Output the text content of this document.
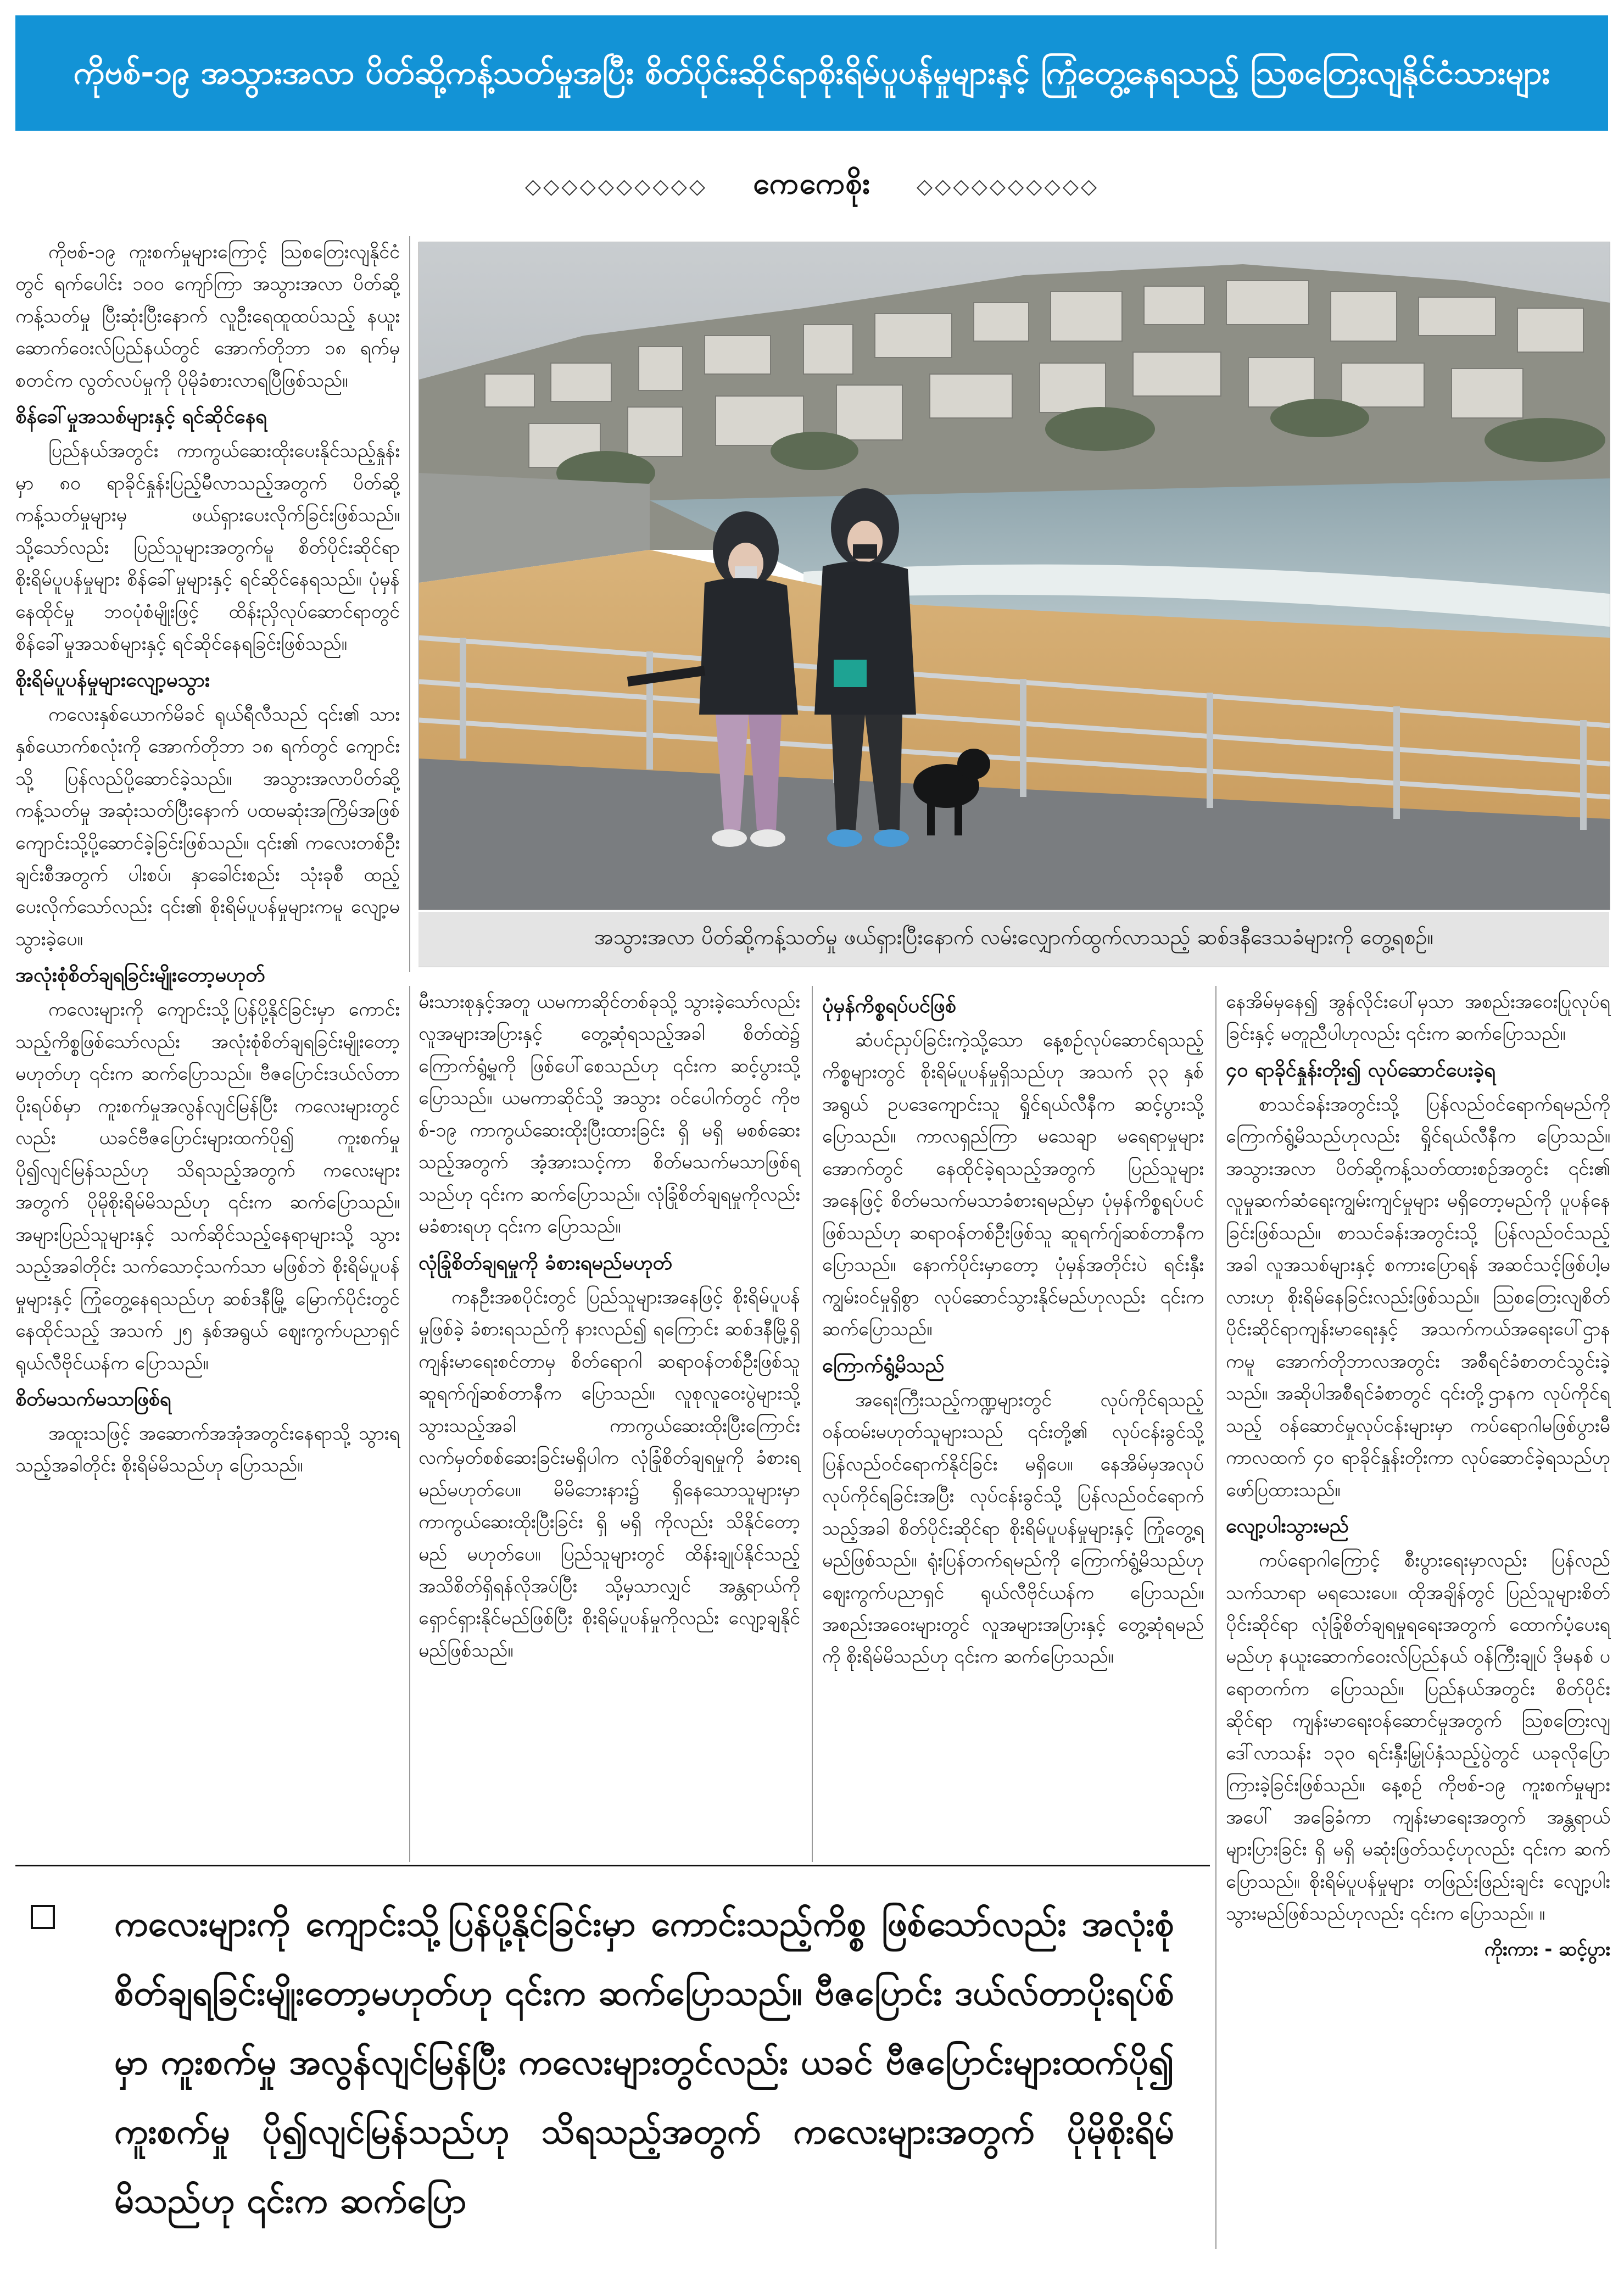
ကိုဗစ်-၁၉ အသွားအလာ ပိတ်ဆို့ကန့်သတ်မှုအပြီး စိတ်ပိုင်းဆိုင်ရာစိုးရိမ်ပူပန်မှုများနှင့် ကြုံတွေ့နေရသည့် ဩစတြေးလျနိုင်ငံသားများ
◇◇◇◇◇◇◇◇◇◇ ကေကေစိုး ◇◇◇◇◇◇◇◇◇◇

ကိုဗစ်-၁၉ ကူးစက်မှုများကြောင့် ဩစတြေးလျနိုင်ငံတွင် ရက်ပေါင်း ၁၀၀ ကျော်ကြာ အသွားအလာ ပိတ်ဆို့ကန့်သတ်မှု ပြီးဆုံးပြီးနောက် လူဦးရေထူထပ်သည့် နယူးဆောက်ဝေးလ်ပြည်နယ်တွင် အောက်တိုဘာ ၁၈ ရက်မှစတင်က လွတ်လပ်မှုကို ပိုမိုခံစားလာရပြီဖြစ်သည်။

စိန်ခေါ်မှုအသစ်များနှင့် ရင်ဆိုင်နေရ

ပြည်နယ်အတွင်း ကာကွယ်ဆေးထိုးပေးနိုင်သည့်နှုန်းမှာ ၈၀ ရာခိုင်နှုန်းပြည့်မီလာသည့်အတွက် ပိတ်ဆို့ကန့်သတ်မှုများမှ ဖယ်ရှားပေးလိုက်ခြင်းဖြစ်သည်။ သို့သော်လည်း ပြည်သူများအတွက်မူ စိတ်ပိုင်းဆိုင်ရာ စိုးရိမ်ပူပန်မှုများ စိန်ခေါ်မှုများနှင့် ရင်ဆိုင်နေရသည်။ ပုံမှန်နေထိုင်မှု ဘဝပုံစံမျိုးဖြင့် ထိန်းညှိလုပ်ဆောင်ရာတွင် စိန်ခေါ်မှုအသစ်များနှင့် ရင်ဆိုင်နေရခြင်းဖြစ်သည်။

စိုးရိမ်ပူပန်မှုများလျော့မသွား

ကလေးနှစ်ယောက်မိခင် ရုယ်ရီလီသည် ၎င်း၏ သားနှစ်ယောက်စလုံးကို အောက်တိုဘာ ၁၈ ရက်တွင် ကျောင်းသို့ ပြန်လည်ပို့ဆောင်ခဲ့သည်။ အသွားအလာပိတ်ဆို့ကန့်သတ်မှု အဆုံးသတ်ပြီးနောက် ပထမဆုံးအကြိမ်အဖြစ် ကျောင်းသို့ပို့ဆောင်ခဲ့ခြင်းဖြစ်သည်။ ၎င်း၏ ကလေးတစ်ဦးချင်းစီအတွက် ပါးစပ်၊ နှာခေါင်းစည်း သုံးခုစီ ထည့်ပေးလိုက်သော်လည်း ၎င်း၏ စိုးရိမ်ပူပန်မှုများကမူ လျော့မသွားခဲ့ပေ။

အလုံးစုံစိတ်ချရခြင်းမျိုးတော့မဟုတ်

ကလေးများကို ကျောင်းသို့ပြန်ပို့နိုင်ခြင်းမှာ ကောင်းသည့်ကိစ္စဖြစ်သော်လည်း အလုံးစုံစိတ်ချရခြင်းမျိုးတော့ မဟုတ်ဟု ၎င်းက ဆက်ပြောသည်။ ဗီဇပြောင်းဒယ်လ်တာပိုးရပ်စ်မှာ ကူးစက်မှုအလွန်လျင်မြန်ပြီး ကလေးများတွင်လည်း ယခင်ဗီဇပြောင်းများထက်ပို၍ ကူးစက်မှုပို၍လျင်မြန်သည်ဟု သိရသည့်အတွက် ကလေးများအတွက် ပိုမိုစိုးရိမ်မိသည်ဟု ၎င်းက ဆက်ပြောသည်။ အများပြည်သူများနှင့် သက်ဆိုင်သည့်နေရာများသို့ သွားသည့်အခါတိုင်း သက်သောင့်သက်သာ မဖြစ်ဘဲ စိုးရိမ်ပူပန်မှုများနှင့် ကြုံတွေ့နေရသည်ဟု ဆစ်ဒနီမြို့ မြောက်ပိုင်းတွင်နေထိုင်သည့် အသက် ၂၅ နှစ်အရွယ် ဈေးကွက်ပညာရှင် ရုယ်လီဗိုင်ယန်က ပြောသည်။

စိတ်မသက်မသာဖြစ်ရ

အထူးသဖြင့် အဆောက်အအုံအတွင်းနေရာသို့ သွားရသည့်အခါတိုင်း စိုးရိမ်မိသည်ဟု ပြောသည်။

အသွားအလာ ပိတ်ဆို့ကန့်သတ်မှု ဖယ်ရှားပြီးနောက် လမ်းလျှောက်ထွက်လာသည့် ဆစ်ဒနီဒေသခံများကို တွေ့ရစဉ်။

မီးသားစုနှင့်အတူ ယမကာဆိုင်တစ်ခုသို့ သွားခဲ့သော်လည်း လူအများအပြားနှင့် တွေ့ဆုံရသည့်အခါ စိတ်ထဲ၌ ကြောက်ရွံ့မှုကို ဖြစ်ပေါ်စေသည်ဟု ၎င်းက ဆင့်ပွားသို့ပြောသည်။ ယမကာဆိုင်သို့ အသွား ဝင်ပေါက်တွင် ကိုဗစ်-၁၉ ကာကွယ်ဆေးထိုးပြီးထားခြင်း ရှိ မရှိ မစစ်ဆေးသည့်အတွက် အံ့အားသင့်ကာ စိတ်မသက်မသာဖြစ်ရသည်ဟု ၎င်းက ဆက်ပြောသည်။ လုံခြုံစိတ်ချရမှုကိုလည်း မခံစားရဟု ၎င်းက ပြောသည်။

လုံခြုံစိတ်ချရမှုကို ခံစားရမည်မဟုတ်

ကနဦးအစပိုင်းတွင် ပြည်သူများအနေဖြင့် စိုးရိမ်ပူပန်မှုဖြစ်ခဲ့ ခံစားရသည်ကို နားလည်၍ ရကြောင်း ဆစ်ဒနီမြို့ရှိ ကျန်းမာရေးစင်တာမှ စိတ်ရောဂါ ဆရာဝန်တစ်ဦးဖြစ်သူ ဆူရက်ဂျ်ဆစ်တာနီက ပြောသည်။ လူစုလူဝေးပွဲများသို့ သွားသည့်အခါ ကာကွယ်ဆေးထိုးပြီးကြောင်း လက်မှတ်စစ်ဆေးခြင်းမရှိပါက လုံခြုံစိတ်ချရမှုကို ခံစားရမည်မဟုတ်ပေ။ မိမိဘေးနား၌ ရှိနေသောသူများမှာ ကာကွယ်ဆေးထိုးပြီးခြင်း ရှိ မရှိ ကိုလည်း သိနိုင်တော့မည် မဟုတ်ပေ။ ပြည်သူများတွင် ထိန်းချုပ်နိုင်သည့် အသိစိတ်ရှိရန်လိုအပ်ပြီး သို့မှသာလျှင် အန္တရာယ်ကို ရှောင်ရှားနိုင်မည်ဖြစ်ပြီး စိုးရိမ်ပူပန်မှုကိုလည်း လျော့ချနိုင်မည်ဖြစ်သည်။

ပုံမှန်ကိစ္စရပ်ပင်ဖြစ်

ဆံပင်ညှပ်ခြင်းကဲ့သို့သော နေ့စဉ်လုပ်ဆောင်ရသည့်ကိစ္စများတွင် စိုးရိမ်ပူပန်မှုရှိသည်ဟု အသက် ၃၃ နှစ်အရွယ် ဥပဒေကျောင်းသူ ရှိုင်ရယ်လီနီက ဆင့်ပွားသို့ ပြောသည်။ ကာလရှည်ကြာ မသေချာ မရေရာမှုများအောက်တွင် နေထိုင်ခဲ့ရသည့်အတွက် ပြည်သူများအနေဖြင့် စိတ်မသက်မသာခံစားရမည်မှာ ပုံမှန်ကိစ္စရပ်ပင်ဖြစ်သည်ဟု ဆရာဝန်တစ်ဦးဖြစ်သူ ဆူရက်ဂျ်ဆစ်တာနီက ပြောသည်။ နောက်ပိုင်းမှာတော့ ပုံမှန်အတိုင်းပဲ ရင်းနှီးကျွမ်းဝင်မှုရှိစွာ လုပ်ဆောင်သွားနိုင်မည်ဟုလည်း ၎င်းက ဆက်ပြောသည်။

ကြောက်ရွံ့မိသည်

အရေးကြီးသည့်ကဏ္ဍများတွင် လုပ်ကိုင်ရသည့် ဝန်ထမ်းမဟုတ်သူများသည် ၎င်းတို့၏ လုပ်ငန်းခွင်သို့ ပြန်လည်ဝင်ရောက်နိုင်ခြင်း မရှိပေ။ နေအိမ်မှအလုပ်လုပ်ကိုင်ရခြင်းအပြီး လုပ်ငန်းခွင်သို့ ပြန်လည်ဝင်ရောက်သည့်အခါ စိတ်ပိုင်းဆိုင်ရာ စိုးရိမ်ပူပန်မှုများနှင့် ကြုံတွေ့ရမည်ဖြစ်သည်။ ရုံးပြန်တက်ရမည်ကို ကြောက်ရွံ့မိသည်ဟု ဈေးကွက်ပညာရှင် ရုယ်လီဗိုင်ယန်က ပြောသည်။ အစည်းအဝေးများတွင် လူအများအပြားနှင့် တွေ့ဆုံရမည်ကို စိုးရိမ်မိသည်ဟု ၎င်းက ဆက်ပြောသည်။

နေအိမ်မှနေ၍ အွန်လိုင်းပေါ်မှသာ အစည်းအဝေးပြုလုပ်ရခြင်းနှင့် မတူညီပါဟုလည်း ၎င်းက ဆက်ပြောသည်။

၄၀ ရာခိုင်နှုန်းတိုး၍ လုပ်ဆောင်ပေးခဲ့ရ

စာသင်ခန်းအတွင်းသို့ ပြန်လည်ဝင်ရောက်ရမည်ကို ကြောက်ရွံ့မိသည်ဟုလည်း ရှိုင်ရယ်လီနီက ပြောသည်။ အသွားအလာ ပိတ်ဆို့ကန့်သတ်ထားစဉ်အတွင်း ၎င်း၏ လူမှုဆက်ဆံရေးကျွမ်းကျင်မှုများ မရှိတော့မည်ကို ပူပန်နေခြင်းဖြစ်သည်။ စာသင်ခန်းအတွင်းသို့ ပြန်လည်ဝင်သည့်အခါ လူအသစ်များနှင့် စကားပြောရန် အဆင်သင့်ဖြစ်ပါ့မလားဟု စိုးရိမ်နေခြင်းလည်းဖြစ်သည်။ ဩစတြေးလျစိတ်ပိုင်းဆိုင်ရာကျန်းမာရေးနှင့် အသက်ကယ်အရေးပေါ်ဌာနကမူ အောက်တိုဘာလအတွင်း အစီရင်ခံစာတင်သွင်းခဲ့သည်။ အဆိုပါအစီရင်ခံစာတွင် ၎င်းတို့ဌာနက လုပ်ကိုင်ရသည့် ဝန်ဆောင်မှုလုပ်ငန်းများမှာ ကပ်ရောဂါမဖြစ်ပွားမီ ကာလထက် ၄၀ ရာခိုင်နှုန်းတိုးကာ လုပ်ဆောင်ခဲ့ရသည်ဟု ဖော်ပြထားသည်။

လျော့ပါးသွားမည်

ကပ်ရောဂါကြောင့် စီးပွားရေးမှာလည်း ပြန်လည်သက်သာရာ မရသေးပေ။ ထိုအချိန်တွင် ပြည်သူများစိတ်ပိုင်းဆိုင်ရာ လုံခြုံစိတ်ချရမှုရရေးအတွက် ထောက်ပံ့ပေးရမည်ဟု နယူးဆောက်ဝေးလ်ပြည်နယ် ဝန်ကြီးချုပ် ဒိုမနစ် ပရောတက်က ပြောသည်။ ပြည်နယ်အတွင်း စိတ်ပိုင်းဆိုင်ရာ ကျန်းမာရေးဝန်ဆောင်မှုအတွက် ဩစတြေးလျဒေါ်လာသန်း ၁၃၀ ရင်းနှီးမြှုပ်နှံသည့်ပွဲတွင် ယခုလိုပြောကြားခဲ့ခြင်းဖြစ်သည်။ နေ့စဉ် ကိုဗစ်-၁၉ ကူးစက်မှုများအပေါ် အခြေခံကာ ကျန်းမာရေးအတွက် အန္တရာယ်များပြားခြင်း ရှိ မရှိ မဆုံးဖြတ်သင့်ဟုလည်း ၎င်းက ဆက်ပြောသည်။ စိုးရိမ်ပူပန်မှုများ တဖြည်းဖြည်းချင်း လျော့ပါးသွားမည်ဖြစ်သည်ဟုလည်း ၎င်းက ပြောသည်။ ။

ကိုးကား - ဆင့်ပွား
ကလေးများကို ကျောင်းသို့ပြန်ပို့နိုင်ခြင်းမှာ ကောင်းသည့်ကိစ္စ ဖြစ်သော်လည်း အလုံးစုံ စိတ်ချရခြင်းမျိုးတော့မဟုတ်ဟု ၎င်းက ဆက်ပြောသည်။ ဗီဇပြောင်း ဒယ်လ်တာပိုးရပ်စ်မှာ ကူးစက်မှု အလွန်လျင်မြန်ပြီး ကလေးများတွင်လည်း ယခင် ဗီဇပြောင်းများထက်ပို၍ ကူးစက်မှု ပို၍လျင်မြန်သည်ဟု သိရသည့်အတွက် ကလေးများအတွက် ပိုမိုစိုးရိမ်မိသည်ဟု ၎င်းက ဆက်ပြော
